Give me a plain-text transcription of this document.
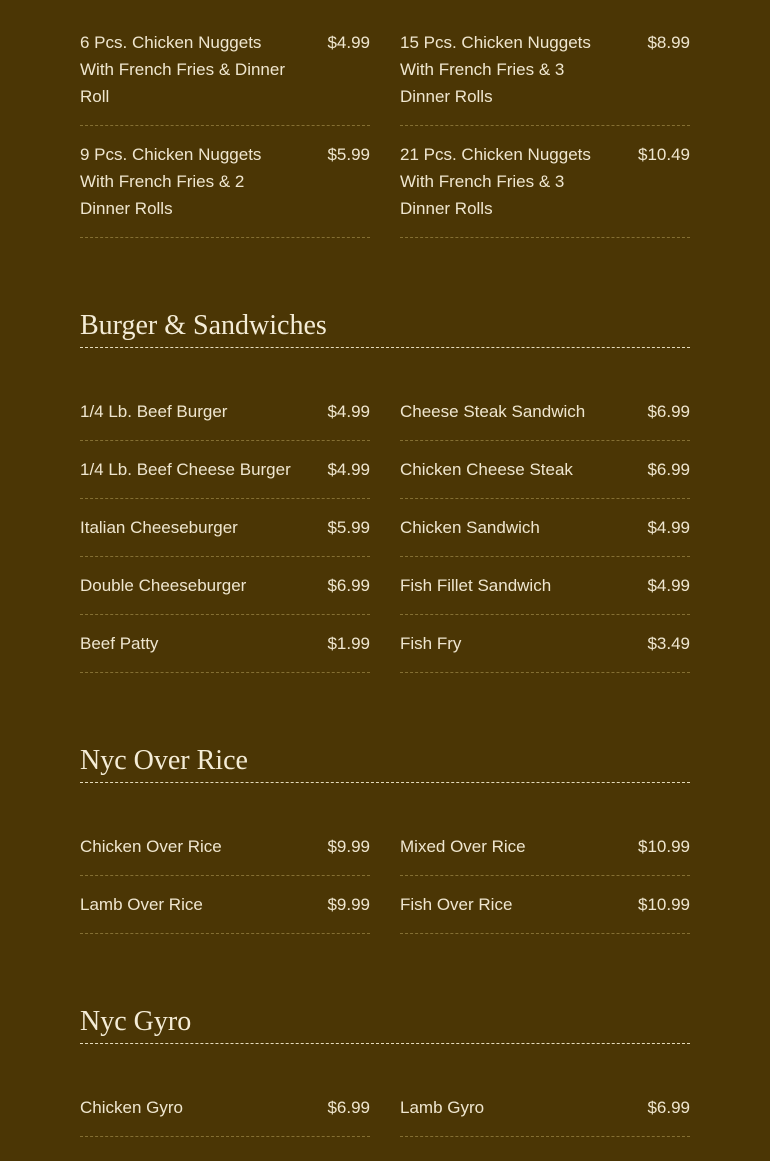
6 Pcs. Chicken Nuggets With French Fries & Dinner Roll
$4.99
9 Pcs. Chicken Nuggets With French Fries & 2 Dinner Rolls
$5.99
15 Pcs. Chicken Nuggets With French Fries & 3 Dinner Rolls
$8.99
21 Pcs. Chicken Nuggets With French Fries & 3 Dinner Rolls
$10.49
Burger & Sandwiches
1/4 Lb. Beef Burger	$4.99
1/4 Lb. Beef Cheese Burger	$4.99
Italian Cheeseburger	$5.99
Double Cheeseburger	$6.99
Beef Patty	$1.99
Cheese Steak Sandwich	$6.99
Chicken Cheese Steak	$6.99
Chicken Sandwich	$4.99
Fish Fillet Sandwich	$4.99
Fish Fry	$3.49
Nyc Over Rice
Chicken Over Rice	$9.99
Lamb Over Rice	$9.99
Mixed Over Rice	$10.99
Fish Over Rice	$10.99
Nyc Gyro
Chicken Gyro	$6.99 Lamb Gyro	$6.99
